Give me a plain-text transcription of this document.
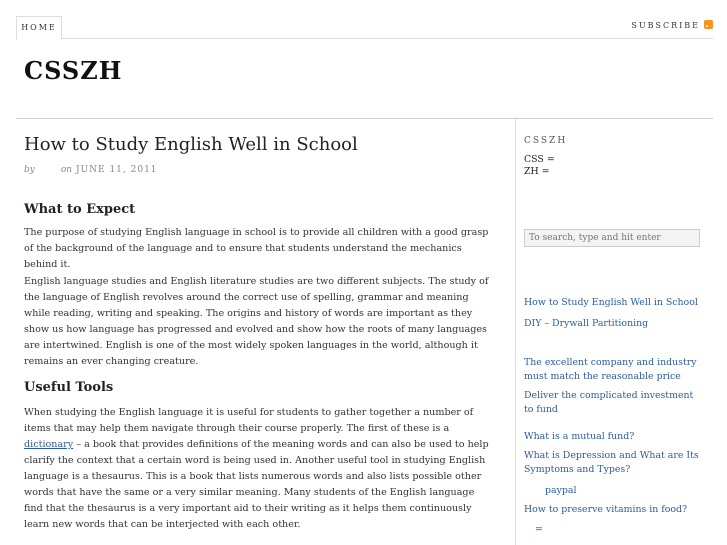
HOME	SUBSCRIBE
CSSZH
How to Study English Well in School
by	on JUNE 11, 2011
What to Expect

The purpose of studying English language in school is to provide all children with a good grasp of the background of the language and to ensure that students understand the mechanics behind it.

English language studies and English literature studies are two different subjects. The study of the language of English revolves around the correct use of spelling, grammar and meaning while reading, writing and speaking. The origins and history of words are important as they show us how language has progressed and evolved and show how the roots of many languages are intertwined. English is one of the most widely spoken languages in the world, although it remains an ever changing creature.

Useful Tools

When studying the English language it is useful for students to gather together a number of items that may help them navigate through their course properly. The first of these is a dictionary – a book that provides definitions of the meaning words and can also be used to help clarify the context that a certain word is being used in. Another useful tool in studying English language is a thesaurus. This is a book that lists numerous words and also lists possible other words that have the same or a very similar meaning. Many students of the English language find that the thesaurus is a very important aid to their writing as it helps them continuously learn new words that can be interjected with each other.

CSSZH
CSS =
ZH =
To search, type and hit enter
How to Study English Well in School
DIY – Drywall Partitioning
The excellent company and industry must match the reasonable price
Deliver the complicated investment to fund
What is a mutual fund?
What is Depression and What are Its Symptoms and Types?
paypal
How to preserve vitamins in food?
=
